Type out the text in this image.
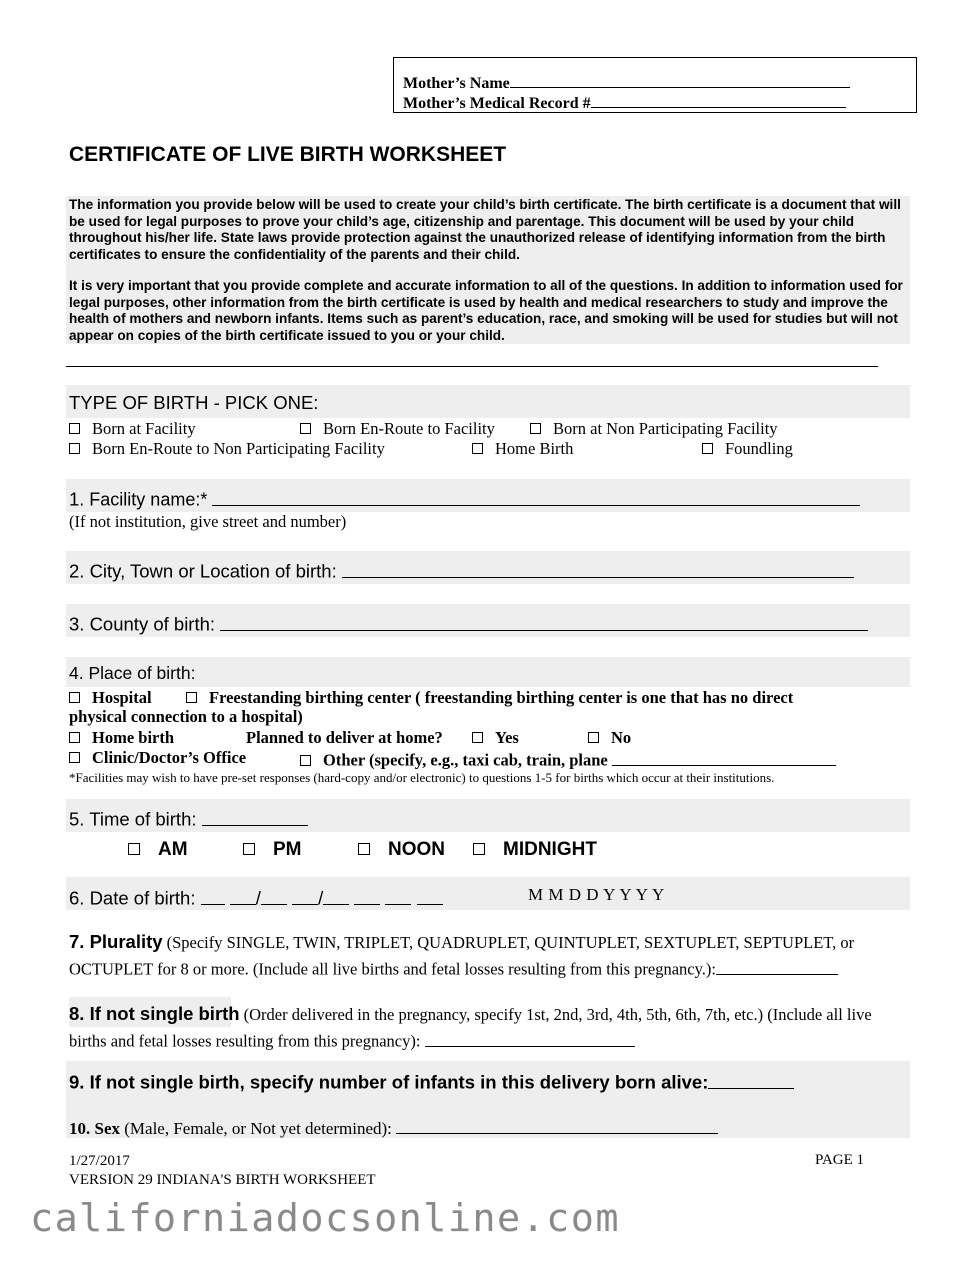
Mother’s Name
Mother’s Medical Record #
CERTIFICATE OF LIVE BIRTH WORKSHEET
The information you provide below will be used to create your child’s birth certificate. The birth certificate is a document that will be used for legal purposes to prove your child’s age, citizenship and parentage. This document will be used by your child throughout his/her life. State laws provide protection against the unauthorized release of identifying information from the birth certificates to ensure the confidentiality of the parents and their child.
It is very important that you provide complete and accurate information to all of the questions. In addition to information used for legal purposes, other information from the birth certificate is used by health and medical researchers to study and improve the health of mothers and newborn infants. Items such as parent’s education, race, and smoking will be used for studies but will not appear on copies of the birth certificate issued to you or your child.
TYPE OF BIRTH - PICK ONE:
Born at Facility	Born En-Route to Facility	Born at Non Participating Facility
Born En-Route to Non Participating Facility	Home Birth	Foundling
1. Facility name:*
(If not institution, give street and number)
2. City, Town or Location of birth:
3. County of birth:
4. Place of birth:
Hospital	Freestanding birthing center ( freestanding birthing center is one that has no direct
physical connection to a hospital)
Home birth	Planned to deliver at home?	Yes	No
Clinic/Doctor’s Office	Other (specify, e.g., taxi cab, train, plane
*Facilities may wish to have pre-set responses (hard-copy and/or electronic) to questions 1-5 for births which occur at their institutions.
5. Time of birth:
AM	PM	NOON	MIDNIGHT
6. Date of birth:	/	/	M M D D Y Y Y Y
7. Plurality (Specify SINGLE, TWIN, TRIPLET, QUADRUPLET, QUINTUPLET, SEXTUPLET, SEPTUPLET, or
OCTUPLET for 8 or more. (Include all live births and fetal losses resulting from this pregnancy.):
8. If not single birth (Order delivered in the pregnancy, specify 1st, 2nd, 3rd, 4th, 5th, 6th, 7th, etc.) (Include all live
births and fetal losses resulting from this pregnancy):
9. If not single birth, specify number of infants in this delivery born alive:
10. Sex (Male, Female, or Not yet determined):
1/27/2017
VERSION 29 INDIANA'S BIRTH WORKSHEET
PAGE 1
californiadocsonline.com
